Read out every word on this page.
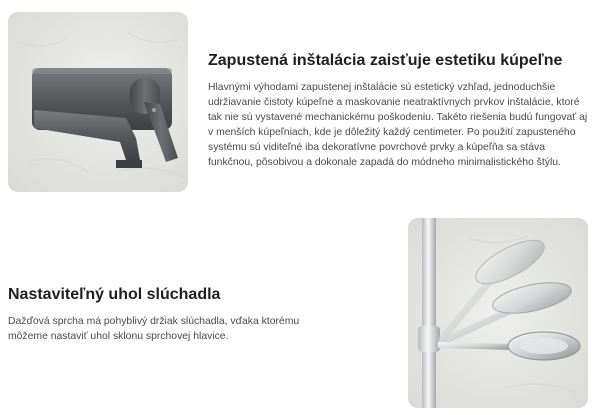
Zapustená inštalácia zaisťuje estetiku kúpeľne

Hlavnými výhodami zapustenej inštalácie sú estetický vzhľad, jednoduchšie udržiavanie čistoty kúpeľne a maskovanie neatraktívnych prvkov inštalácie, ktoré tak nie sú vystavené mechanickému poškodeniu. Takéto riešenia budú fungovať aj v menších kúpeľniach, kde je dôležitý každý centimeter. Po použití zapusteného systému sú viditeľné iba dekoratívne povrchové prvky a kúpeľňa sa stáva funkčnou, pôsobivou a dokonale zapadá do módneho minimalistického štýlu.

Nastaviteľný uhol slúchadla

Dažďová sprcha má pohyblivý držiak slúchadla, vďaka ktorému môžeme nastaviť uhol sklonu sprchovej hlavice.
